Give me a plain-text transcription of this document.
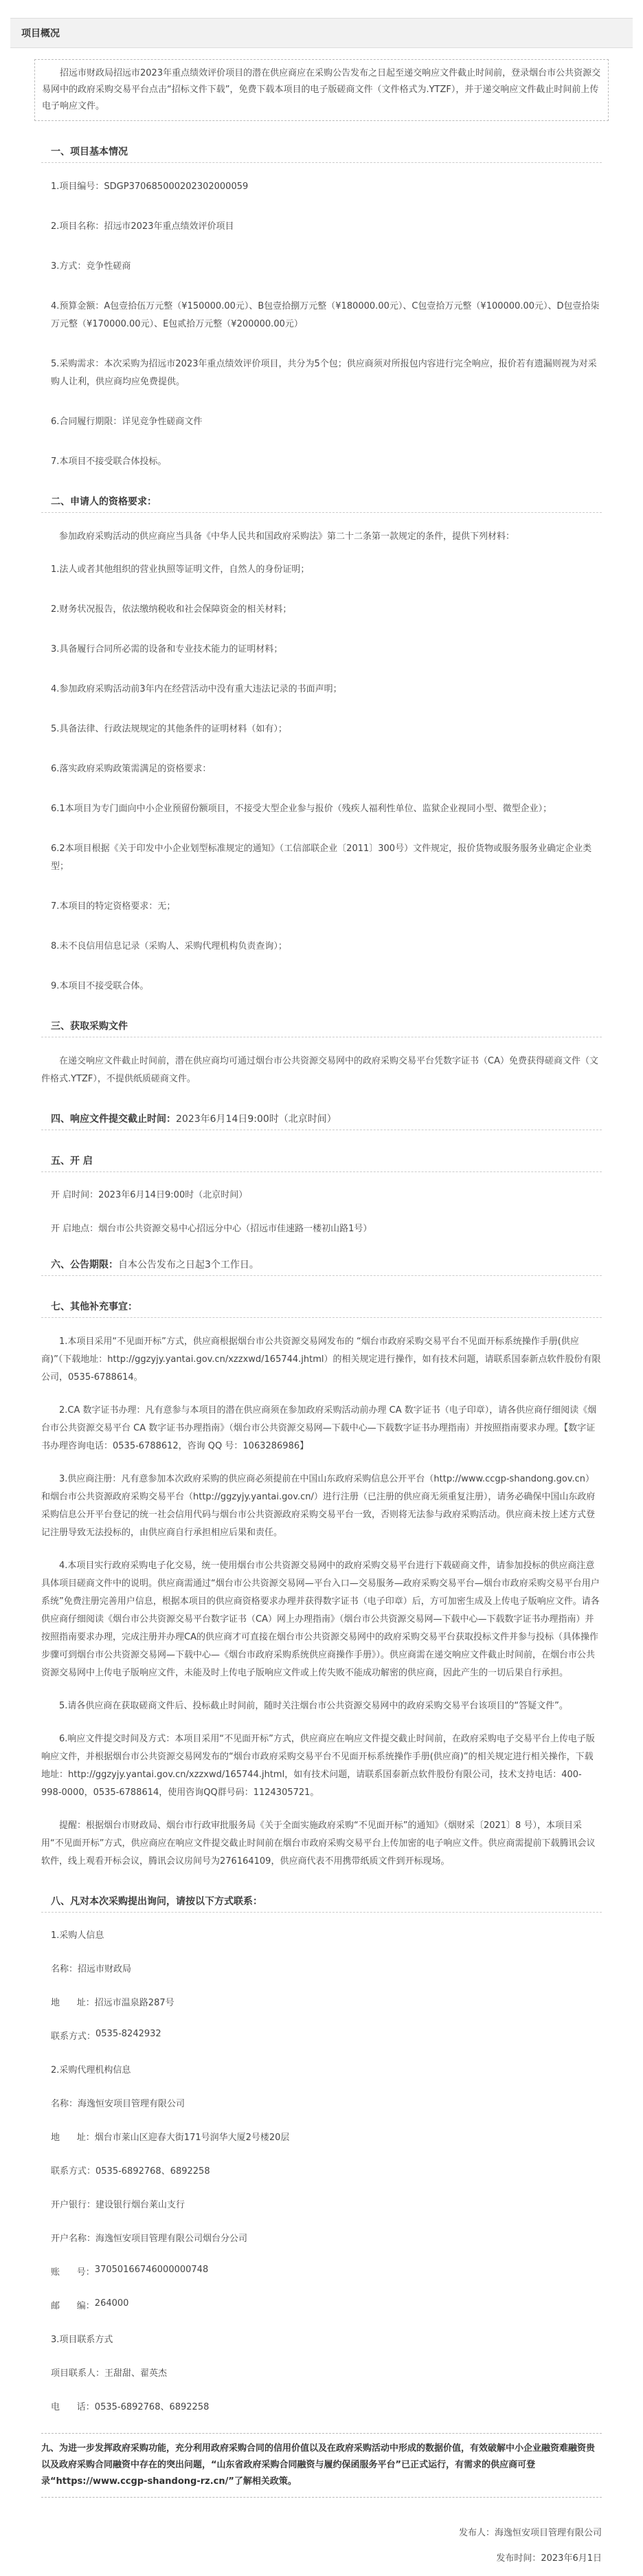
项目概况
招远市财政局招远市2023年重点绩效评价项目的潜在供应商应在采购公告发布之日起至递交响应文件截止时间前，登录烟台市公共资源交易网中的政府采购交易平台点击“招标文件下载”，免费下载本项目的电子版磋商文件（文件格式为.YTZF），并于递交响应文件截止时间前上传电子响应文件。
一、项目基本情况

1.项目编号：SDGP370685000202302000059

2.项目名称：招远市2023年重点绩效评价项目

3.方式：竞争性磋商

4.预算金额：A包壹拾伍万元整（¥150000.00元）、B包壹拾捌万元整（¥180000.00元）、C包壹拾万元整（¥100000.00元）、D包壹拾柒万元整（¥170000.00元）、E包贰拾万元整（¥200000.00元）

5.采购需求：本次采购为招远市2023年重点绩效评价项目，共分为5个包；供应商须对所报包内容进行完全响应，报价若有遗漏则视为对采购人让利，供应商均应免费提供。

6.合同履行期限：详见竞争性磋商文件

7.本项目不接受联合体投标。

二、申请人的资格要求：

参加政府采购活动的供应商应当具备《中华人民共和国政府采购法》第二十二条第一款规定的条件，提供下列材料：

1.法人或者其他组织的营业执照等证明文件，自然人的身份证明；

2.财务状况报告，依法缴纳税收和社会保障资金的相关材料；

3.具备履行合同所必需的设备和专业技术能力的证明材料；

4.参加政府采购活动前3年内在经营活动中没有重大违法记录的书面声明；

5.具备法律、行政法规规定的其他条件的证明材料（如有）；

6.落实政府采购政策需满足的资格要求：

6.1本项目为专门面向中小企业预留份额项目，不接受大型企业参与报价（残疾人福利性单位、监狱企业视同小型、微型企业）；

6.2本项目根据《关于印发中小企业划型标准规定的通知》（工信部联企业〔2011〕300号）文件规定，报价货物或服务服务业确定企业类型；

7.本项目的特定资格要求：无；

8.未不良信用信息记录（采购人、采购代理机构负责查询）；

9.本项目不接受联合体。

三、获取采购文件

在递交响应文件截止时间前，潜在供应商均可通过烟台市公共资源交易网中的政府采购交易平台凭数字证书（CA）免费获得磋商文件（文件格式.YTZF），不提供纸质磋商文件。

四、响应文件提交截止时间：2023年6月14日9:00时（北京时间）
五、开 启

开 启时间：2023年6月14日9:00时（北京时间）

开 启地点：烟台市公共资源交易中心招远分中心（招远市佳速路一楼初山路1号）

六、公告期限：自本公告发布之日起3个工作日。
七、其他补充事宜：

1.本项目采用“不见面开标”方式，供应商根据烟台市公共资源交易网发布的 “烟台市政府采购交易平台不见面开标系统操作手册(供应商)”（下载地址：http://ggzyjy.yantai.gov.cn/xzzxwd/165744.jhtml）的相关规定进行操作，如有技术问题，请联系国泰新点软件股份有限公司，0535-6788614。

2.CA 数字证书办理：凡有意参与本项目的潜在供应商须在参加政府采购活动前办理 CA 数字证书（电子印章），请各供应商仔细阅读《烟台市公共资源交易平台 CA 数字证书办理指南》（烟台市公共资源交易网—下载中心—下载数字证书办理指南）并按照指南要求办理。【数字证书办理咨询电话：0535-6788612，咨询 QQ 号：1063286986】

3.供应商注册：凡有意参加本次政府采购的供应商必须提前在中国山东政府采购信息公开平台（http://www.ccgp-shandong.gov.cn）和烟台市公共资源政府采购交易平台（http://ggzyjy.yantai.gov.cn/）进行注册（已注册的供应商无须重复注册），请务必确保中国山东政府采购信息公开平台登记的统一社会信用代码与烟台市公共资源政府采购交易平台一致，否则将无法参与政府采购活动。供应商未按上述方式登记注册导致无法投标的，由供应商自行承担相应后果和责任。

4.本项目实行政府采购电子化交易，统一使用烟台市公共资源交易网中的政府采购交易平台进行下载磋商文件，请参加投标的供应商注意具体项目磋商文件中的说明。供应商需通过“烟台市公共资源交易网—平台入口—交易服务—政府采购交易平台—烟台市政府采购交易平台用户系统”免费注册完善用户信息，根据本项目的供应商资格要求办理并获得数字证书（电子印章）后，方可加密生成及上传电子版响应文件。请各供应商仔细阅读《烟台市公共资源交易平台数字证书（CA）网上办理指南》（烟台市公共资源交易网—下载中心—下载数字证书办理指南）并按照指南要求办理，完成注册并办理CA的供应商才可直接在烟台市公共资源交易网中的政府采购交易平台获取投标文件并参与投标（具体操作步骤可到烟台市公共资源交易网—下载中心—《烟台市政府采购系统供应商操作手册》）。供应商需在递交响应文件截止时间前，在烟台市公共资源交易网中上传电子版响应文件，未能及时上传电子版响应文件或上传失败不能成功解密的供应商，因此产生的一切后果自行承担。

5.请各供应商在获取磋商文件后、投标截止时间前，随时关注烟台市公共资源交易网中的政府采购交易平台该项目的“答疑文件”。

6.响应文件提交时间及方式：本项目采用“不见面开标”方式，供应商应在响应文件提交截止时间前，在政府采购电子交易平台上传电子版响应文件，并根据烟台市公共资源交易网发布的“烟台市政府采购交易平台不见面开标系统操作手册(供应商)”的相关规定进行相关操作，下载地址：http://ggzyjy.yantai.gov.cn/xzzxwd/165744.jhtml，如有技术问题，请联系国泰新点软件股份有限公司，技术支持电话：400-998-0000，0535-6788614，使用咨询QQ群号码：1124305721。

提醒：根据烟台市财政局、烟台市行政审批服务局《关于全面实施政府采购“不见面开标”的通知》（烟财采〔2021〕8 号），本项目采用“不见面开标”方式，供应商应在响应文件提交截止时间前在烟台市政府采购交易平台上传加密的电子响应文件。供应商需提前下载腾讯会议软件，线上观看开标会议，腾讯会议房间号为276164109，供应商代表不用携带纸质文件到开标现场。

八、凡对本次采购提出询问，请按以下方式联系：

1.采购人信息

名称： 招远市财政局
地      址： 招远市温泉路287号
联系方式： 0535-8242932

2.采购代理机构信息

名称： 海逸恒安项目管理有限公司
地      址： 烟台市莱山区迎春大街171号润华大厦2号楼20层
联系方式： 0535-6892768、6892258
开户银行： 建设银行烟台莱山支行
开户名称： 海逸恒安项目管理有限公司烟台分公司
账      号： 37050166746000000748
邮      编： 264000

3.项目联系方式

项目联系人： 王甜甜、翟英杰
电      话： 0535-6892768、6892258
九、为进一步发挥政府采购功能，充分利用政府采购合同的信用价值以及在政府采购活动中形成的数据价值，有效破解中小企业融资难融资贵以及政府采购合同融资中存在的突出问题，“山东省政府采购合同融资与履约保函服务平台”已正式运行，有需求的供应商可登录“https://www.ccgp-shandong-rz.cn/”了解相关政策。

发布人：海逸恒安项目管理有限公司

发布时间：2023年6月1日
